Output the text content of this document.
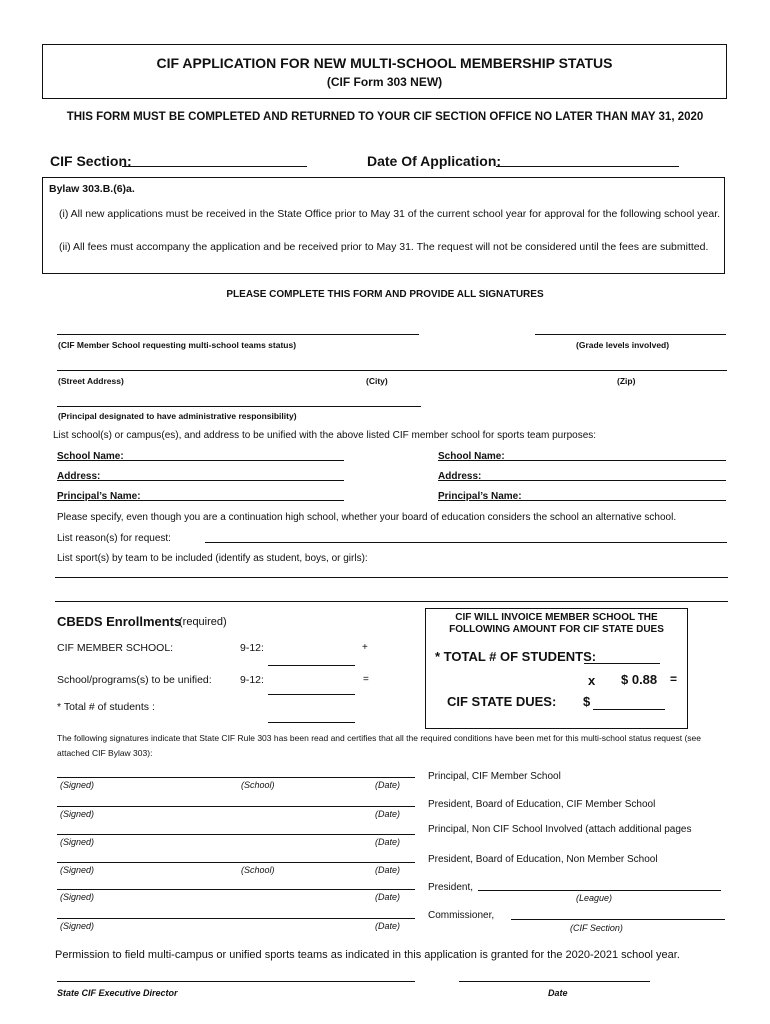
CIF APPLICATION FOR NEW MULTI-SCHOOL MEMBERSHIP STATUS
(CIF Form 303 NEW)
THIS FORM MUST BE COMPLETED AND RETURNED TO YOUR CIF SECTION OFFICE NO LATER THAN MAY 31, 2020
CIF Section:	Date Of Application:
Bylaw 303.B.(6)a.
(i) All new applications must be received in the State Office prior to May 31 of the current school year for approval for the following school year.
(ii) All fees must accompany the application and be received prior to May 31. The request will not be considered until the fees are submitted.
PLEASE COMPLETE THIS FORM AND PROVIDE ALL SIGNATURES
(CIF Member School requesting multi-school teams status)	(Grade levels involved)
(Street Address)	(City)	(Zip)
(Principal designated to have administrative responsibility)
List school(s) or campus(es), and address to be unified with the above listed CIF member school for sports team purposes:
School Name:	School Name:
Address:	Address:
Principal’s Name:	Principal’s Name:
Please specify, even though you are a continuation high school, whether your board of education considers the school an alternative school.
List reason(s) for request:
List sport(s) by team to be included (identify as student, boys, or girls):
CBEDS Enrollments
(required)
CIF MEMBER SCHOOL:	9-12:	+
School/programs(s) to be unified:	9-12:	=
* Total # of students :
CIF WILL INVOICE MEMBER SCHOOL THE
FOLLOWING AMOUNT FOR CIF STATE DUES
* TOTAL # OF STUDENTS:
x $ 0.88 =
CIF STATE DUES: $
The following signatures indicate that State CIF Rule 303 has been read and certifies that all the required conditions have been met for this multi-school status request (see attached CIF Bylaw 303):
(Signed)	(School)	(Date)
Principal, CIF Member School
(Signed)	(Date)
President, Board of Education, CIF Member School
(Signed)	(Date)
Principal, Non CIF School Involved (attach additional pages
(Signed)	(School)	(Date)
President, Board of Education, Non Member School
(Signed)	(Date)
President,
(League)
(Signed)	(Date)
Commissioner,
(CIF Section)
Permission to field multi-campus or unified sports teams as indicated in this application is granted for the 2020-2021 school year.
State CIF Executive Director	Date
